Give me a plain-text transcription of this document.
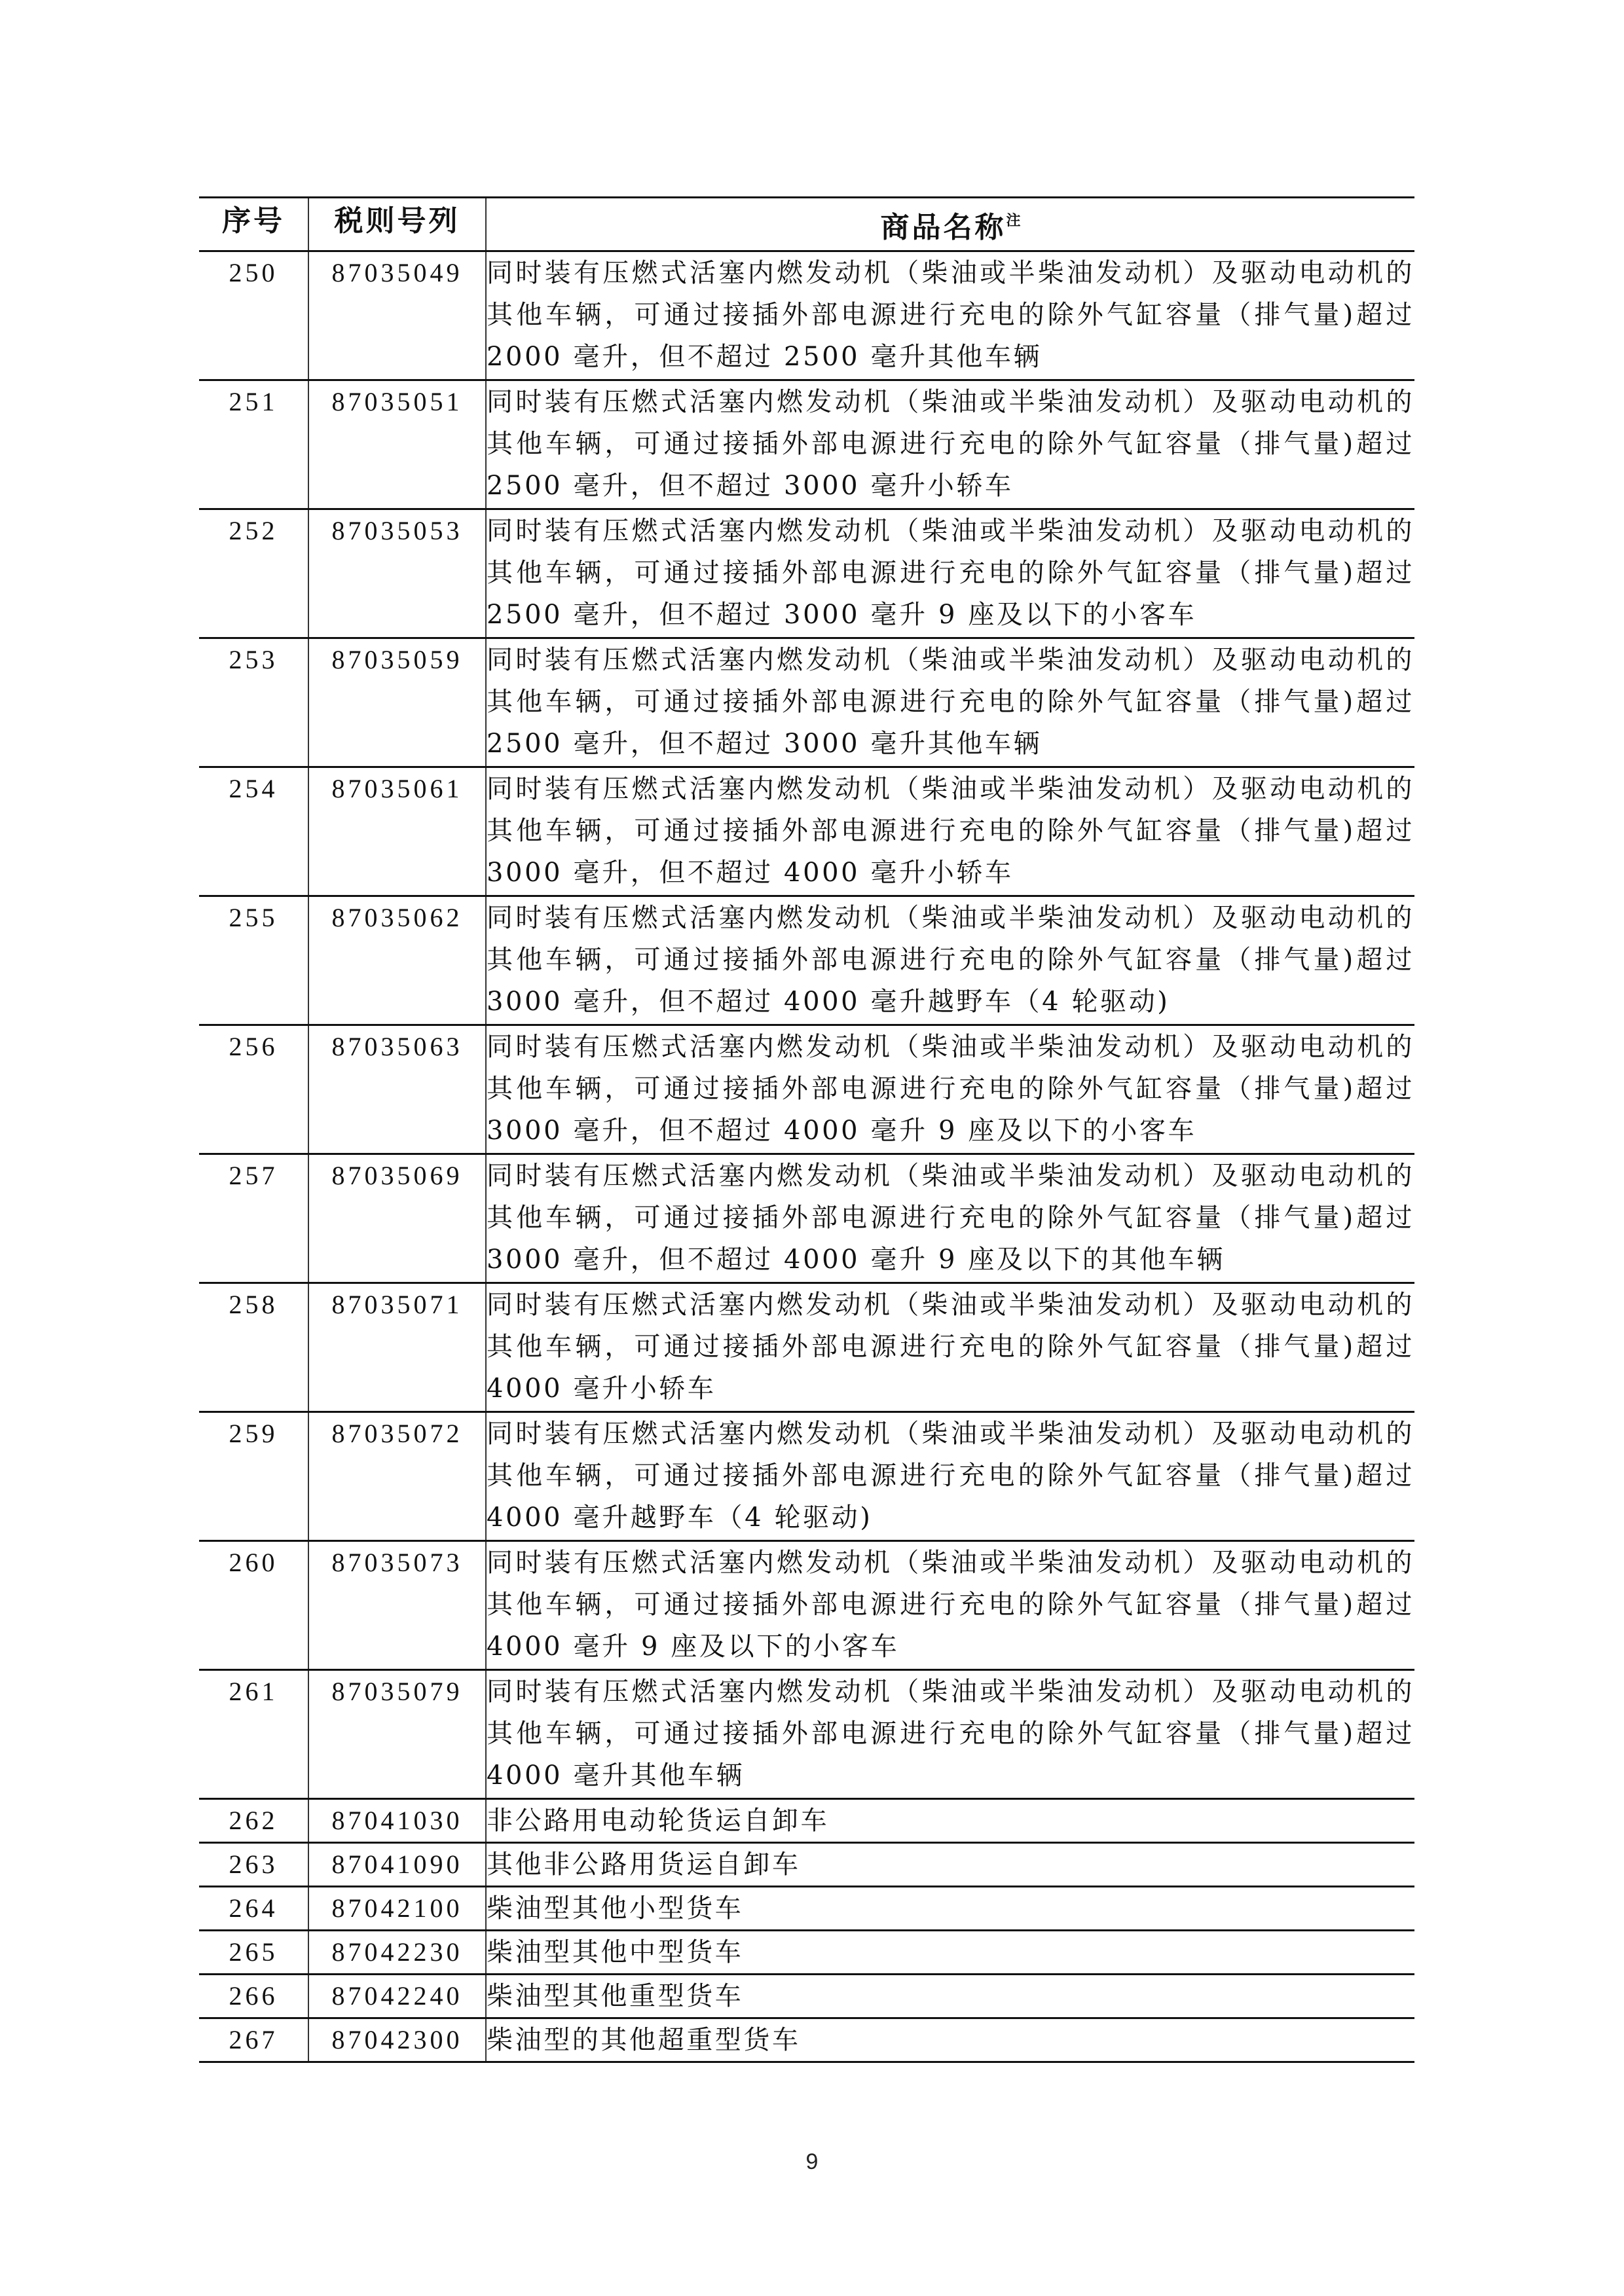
序号	税则号列	商品名称$^注$
250	87035049	同时装有压燃式活塞内燃发动机（柴油或半柴油发动机）及驱动电动机的其他车辆，可通过接插外部电源进行充电的除外气缸容量（排气量)超过 2000 毫升，但不超过 2500 毫升其他车辆
251	87035051	同时装有压燃式活塞内燃发动机（柴油或半柴油发动机）及驱动电动机的其他车辆，可通过接插外部电源进行充电的除外气缸容量（排气量)超过 2500 毫升，但不超过 3000 毫升小轿车
252	87035053	同时装有压燃式活塞内燃发动机（柴油或半柴油发动机）及驱动电动机的其他车辆，可通过接插外部电源进行充电的除外气缸容量（排气量)超过 2500 毫升，但不超过 3000 毫升 9 座及以下的小客车
253	87035059	同时装有压燃式活塞内燃发动机（柴油或半柴油发动机）及驱动电动机的其他车辆，可通过接插外部电源进行充电的除外气缸容量（排气量)超过 2500 毫升，但不超过 3000 毫升其他车辆
254	87035061	同时装有压燃式活塞内燃发动机（柴油或半柴油发动机）及驱动电动机的其他车辆，可通过接插外部电源进行充电的除外气缸容量（排气量)超过 3000 毫升，但不超过 4000 毫升小轿车
255	87035062	同时装有压燃式活塞内燃发动机（柴油或半柴油发动机）及驱动电动机的其他车辆，可通过接插外部电源进行充电的除外气缸容量（排气量)超过 3000 毫升，但不超过 4000 毫升越野车（4 轮驱动)
256	87035063	同时装有压燃式活塞内燃发动机（柴油或半柴油发动机）及驱动电动机的其他车辆，可通过接插外部电源进行充电的除外气缸容量（排气量)超过 3000 毫升，但不超过 4000 毫升 9 座及以下的小客车
257	87035069	同时装有压燃式活塞内燃发动机（柴油或半柴油发动机）及驱动电动机的其他车辆，可通过接插外部电源进行充电的除外气缸容量（排气量)超过 3000 毫升，但不超过 4000 毫升 9 座及以下的其他车辆
258	87035071	同时装有压燃式活塞内燃发动机（柴油或半柴油发动机）及驱动电动机的其他车辆，可通过接插外部电源进行充电的除外气缸容量（排气量)超过 4000 毫升小轿车
259	87035072	同时装有压燃式活塞内燃发动机（柴油或半柴油发动机）及驱动电动机的其他车辆，可通过接插外部电源进行充电的除外气缸容量（排气量)超过 4000 毫升越野车（4 轮驱动)
260	87035073	同时装有压燃式活塞内燃发动机（柴油或半柴油发动机）及驱动电动机的其他车辆，可通过接插外部电源进行充电的除外气缸容量（排气量)超过 4000 毫升 9 座及以下的小客车
261	87035079	同时装有压燃式活塞内燃发动机（柴油或半柴油发动机）及驱动电动机的其他车辆，可通过接插外部电源进行充电的除外气缸容量（排气量)超过 4000 毫升其他车辆
262	87041030	非公路用电动轮货运自卸车
263	87041090	其他非公路用货运自卸车
264	87042100	柴油型其他小型货车
265	87042230	柴油型其他中型货车
266	87042240	柴油型其他重型货车
267	87042300	柴油型的其他超重型货车
9
